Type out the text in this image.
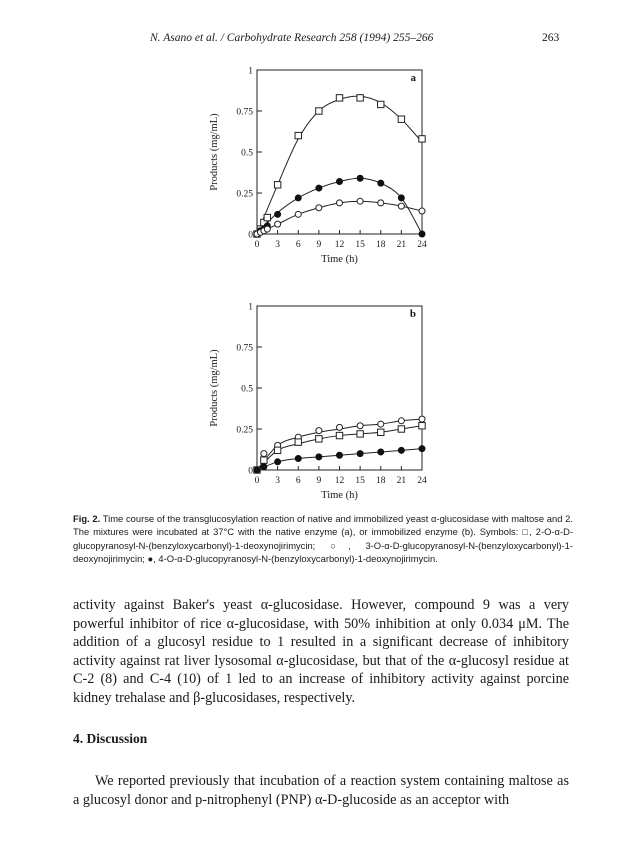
N. Asano et al. / Carbohydrate Research 258 (1994) 255–266	263
0
0.25
0.5
0.75
1
0 3 6 9 12 15 18 21 24
Time (h)
Products (mg/mL)
a
0
0.25
0.5
0.75
1
0 3 6 9 12 15 18 21 24
Time (h)
Products (mg/mL)
b

Fig. 2. Time course of the transglucosylation reaction of native and immobilized yeast α-glucosidase with maltose and 2. The mixtures were incubated at 37°C with the native enzyme (a), or immobilized enzyme (b). Symbols: □, 2-O-α-D-glucopyranosyl-N-(benzyloxycarbonyl)-1-deoxynojirimycin; ○, 3-O-α-D-glucopyranosyl-N-(benzyloxycarbonyl)-1-deoxynojirimycin; ●, 4-O-α-D-glucopyranosyl-N-(benzyloxycarbonyl)-1-deoxynojirimycin.

activity against Baker's yeast α-glucosidase. However, compound 9 was a very powerful inhibitor of rice α-glucosidase, with 50% inhibition at only 0.034 μM. The addition of a glucosyl residue to 1 resulted in a significant decrease of inhibitory activity against rat liver lysosomal α-glucosidase, but that of the α-glucosyl residue at C-2 (8) and C-4 (10) of 1 led to an increase of inhibitory activity against porcine kidney trehalase and β-glucosidases, respectively.

4. Discussion

We reported previously that incubation of a reaction system containing maltose as a glucosyl donor and p-nitrophenyl (PNP) α-D-glucoside as an acceptor with
